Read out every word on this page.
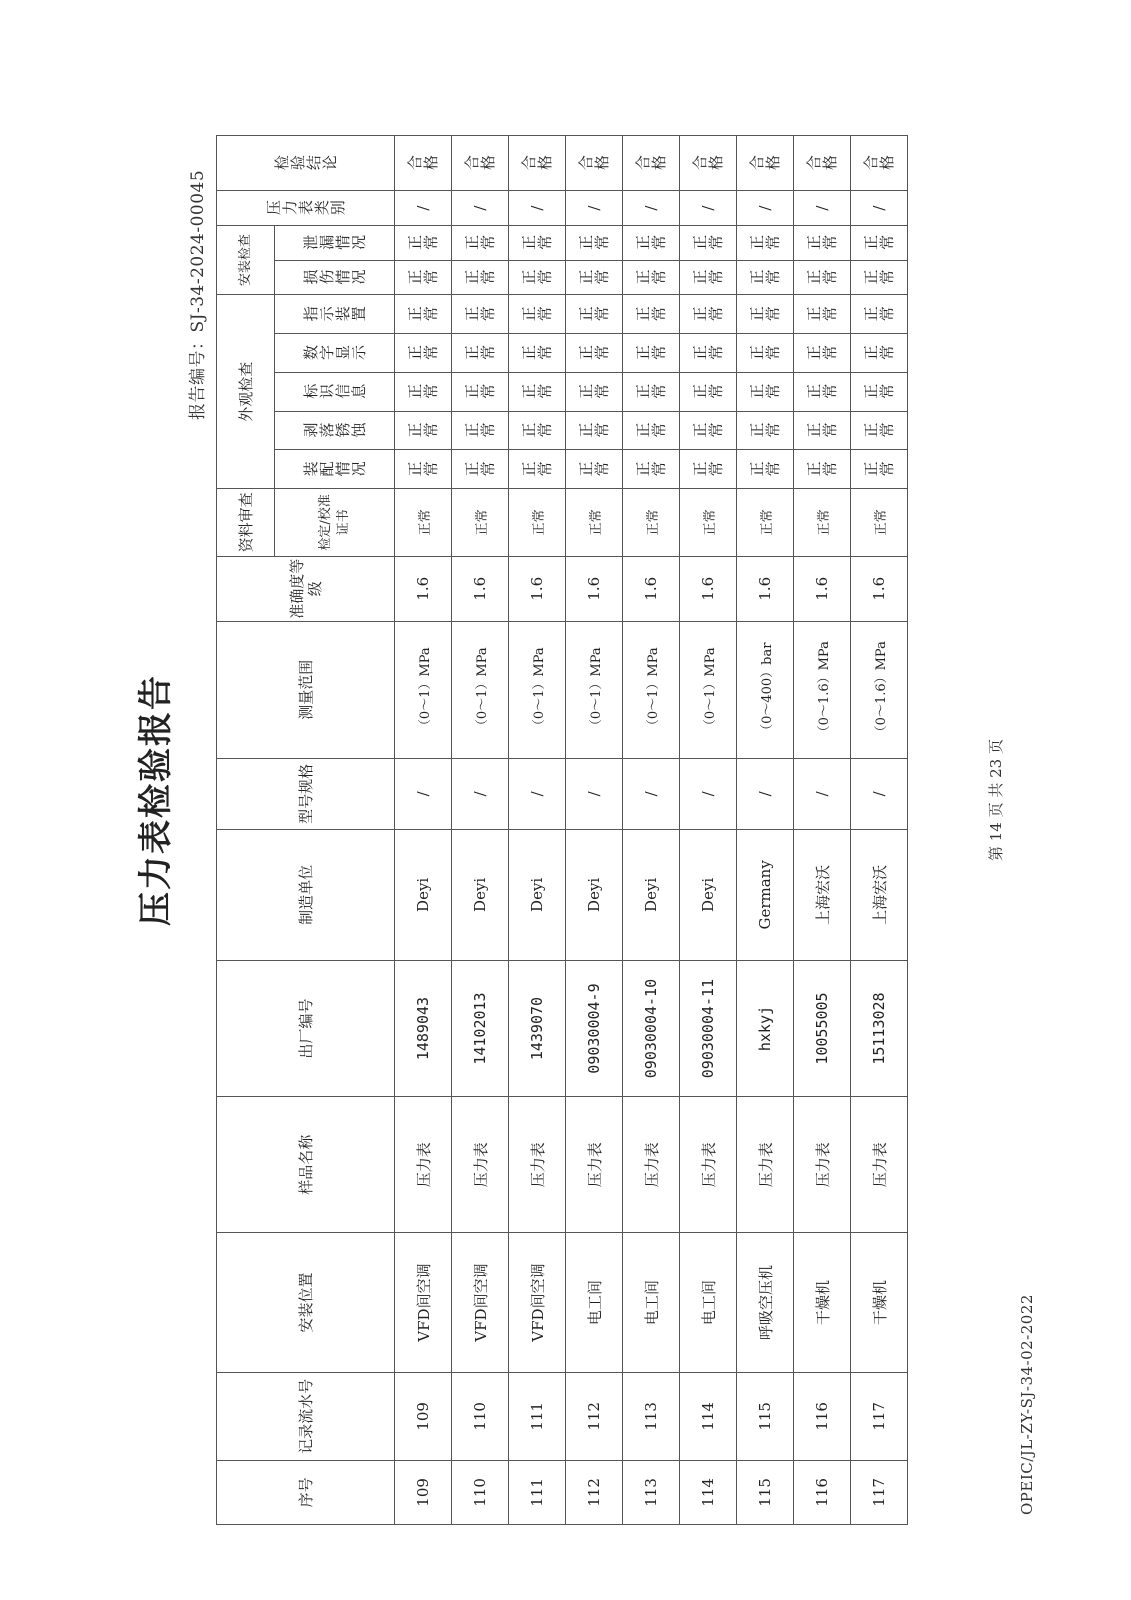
OPEIC/JL-ZY-SJ-34-02-2022
压力表检验报告
报告编号：SJ-34-2024-00045
序号	记录流水号	安装位置	样品名称	出厂编号	制造单位	型号规格	测量范围	准确度等级	资料审查	外观检查					安装检查		压力表类别	检验结论
									检定/校准证书	装配情况	剥落锈蚀	标识信息	数字显示	指示装置	损伤情况	泄漏情况		
109	109	VFD间空调	压力表	1489043	Deyi	/	（0～1）MPa	1.6	正常	正常	正常	正常	正常	正常	正常	正常	/	合格
110	110	VFD间空调	压力表	14102013	Deyi	/	（0～1）MPa	1.6	正常	正常	正常	正常	正常	正常	正常	正常	/	合格
111	111	VFD间空调	压力表	1439070	Deyi	/	（0～1）MPa	1.6	正常	正常	正常	正常	正常	正常	正常	正常	/	合格
112	112	电工间	压力表	09030004-9	Deyi	/	（0～1）MPa	1.6	正常	正常	正常	正常	正常	正常	正常	正常	/	合格
113	113	电工间	压力表	09030004-10	Deyi	/	（0～1）MPa	1.6	正常	正常	正常	正常	正常	正常	正常	正常	/	合格
114	114	电工间	压力表	09030004-11	Deyi	/	（0～1）MPa	1.6	正常	正常	正常	正常	正常	正常	正常	正常	/	合格
115	115	呼吸空压机	压力表	hxkyj	Germany	/	（0～400）bar	1.6	正常	正常	正常	正常	正常	正常	正常	正常	/	合格
116	116	干燥机	压力表	10055005	上海宏沃	/	（0～1.6）MPa	1.6	正常	正常	正常	正常	正常	正常	正常	正常	/	合格
117	117	干燥机	压力表	15113028	上海宏沃	/	（0～1.6）MPa	1.6	正常	正常	正常	正常	正常	正常	正常	正常	/	合格
第 14 页 共 23 页
